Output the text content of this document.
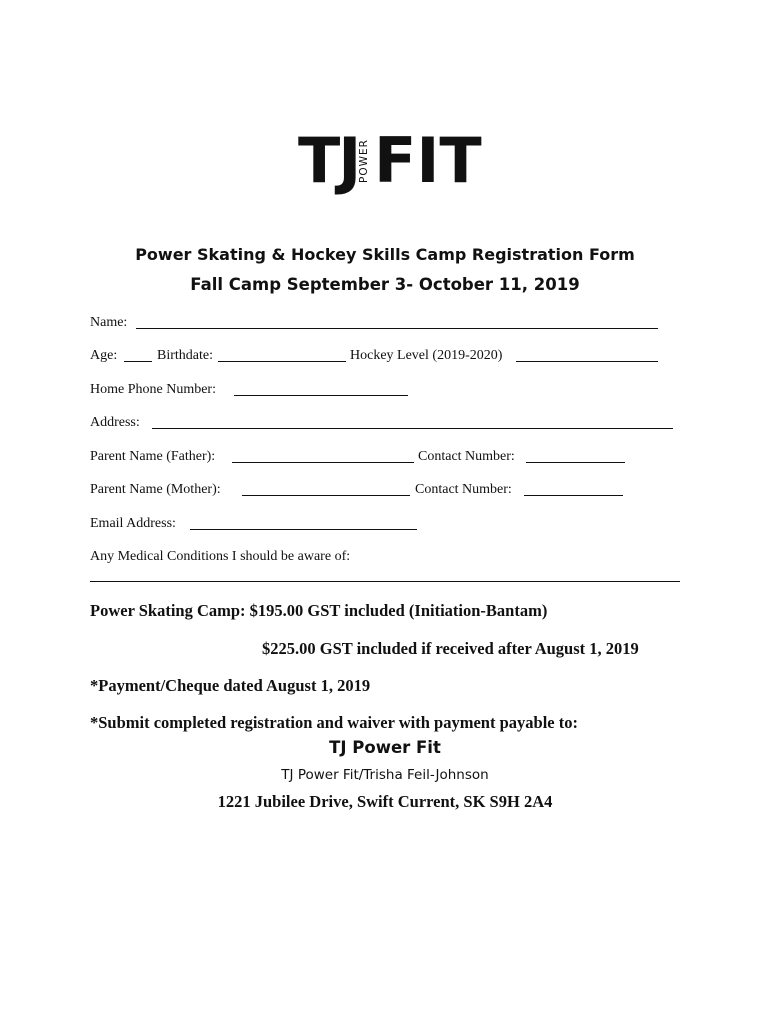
TJ
POWER FIT
Power Skating & Hockey Skills Camp Registration Form
Fall Camp September 3- October 11, 2019
Name:
Age:	Birthdate:	Hockey Level (2019-2020)
Home Phone Number:
Address:
Parent Name (Father):	Contact Number:
Parent Name (Mother):	Contact Number:
Email Address:
Any Medical Conditions I should be aware of:
Power Skating Camp: $195.00 GST included (Initiation-Bantam)
$225.00 GST included if received after August 1, 2019
*Payment/Cheque dated August 1, 2019
*Submit completed registration and waiver with payment payable to:
TJ Power Fit
TJ Power Fit/Trisha Feil-Johnson
1221 Jubilee Drive, Swift Current, SK S9H 2A4
